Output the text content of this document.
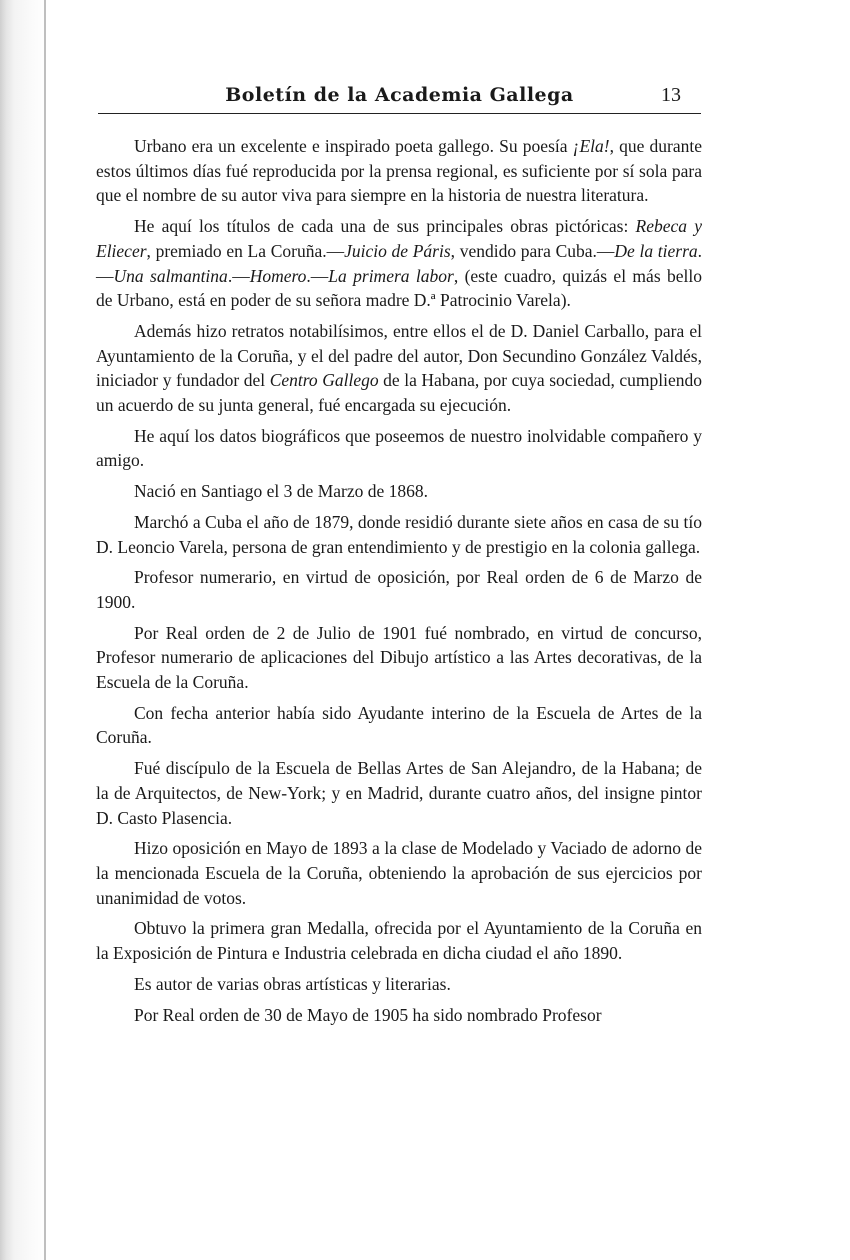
Boletín de la Academia Gallega	13

Urbano era un excelente e inspirado poeta gallego. Su poesía ¡Ela!, que durante estos últimos días fué reproducida por la prensa regional, es suficiente por sí sola para que el nombre de su autor viva para siempre en la historia de nuestra literatura.

He aquí los títulos de cada una de sus principales obras pictóricas: Rebeca y Eliecer, premiado en La Coruña.—Juicio de Páris, vendido para Cuba.—De la tierra.—Una salmantina.—Homero.—La primera labor, (este cuadro, quizás el más bello de Urbano, está en poder de su señora madre D.ª Patrocinio Varela).

Además hizo retratos notabilísimos, entre ellos el de D. Daniel Carballo, para el Ayuntamiento de la Coruña, y el del padre del autor, Don Secundino González Valdés, iniciador y fundador del Centro Gallego de la Habana, por cuya sociedad, cumpliendo un acuerdo de su junta general, fué encargada su ejecución.

He aquí los datos biográficos que poseemos de nuestro inolvidable compañero y amigo.

Nació en Santiago el 3 de Marzo de 1868.

Marchó a Cuba el año de 1879, donde residió durante siete años en casa de su tío D. Leoncio Varela, persona de gran entendimiento y de prestigio en la colonia gallega.

Profesor numerario, en virtud de oposición, por Real orden de 6 de Marzo de 1900.

Por Real orden de 2 de Julio de 1901 fué nombrado, en virtud de concurso, Profesor numerario de aplicaciones del Dibujo artístico a las Artes decorativas, de la Escuela de la Coruña.

Con fecha anterior había sido Ayudante interino de la Escuela de Artes de la Coruña.

Fué discípulo de la Escuela de Bellas Artes de San Alejandro, de la Habana; de la de Arquitectos, de New-York; y en Madrid, durante cuatro años, del insigne pintor D. Casto Plasencia.

Hizo oposición en Mayo de 1893 a la clase de Modelado y Vaciado de adorno de la mencionada Escuela de la Coruña, obteniendo la aprobación de sus ejercicios por unanimidad de votos.

Obtuvo la primera gran Medalla, ofrecida por el Ayuntamiento de la Coruña en la Exposición de Pintura e Industria celebrada en dicha ciudad el año 1890.

Es autor de varias obras artísticas y literarias.

Por Real orden de 30 de Mayo de 1905 ha sido nombrado Profesor
